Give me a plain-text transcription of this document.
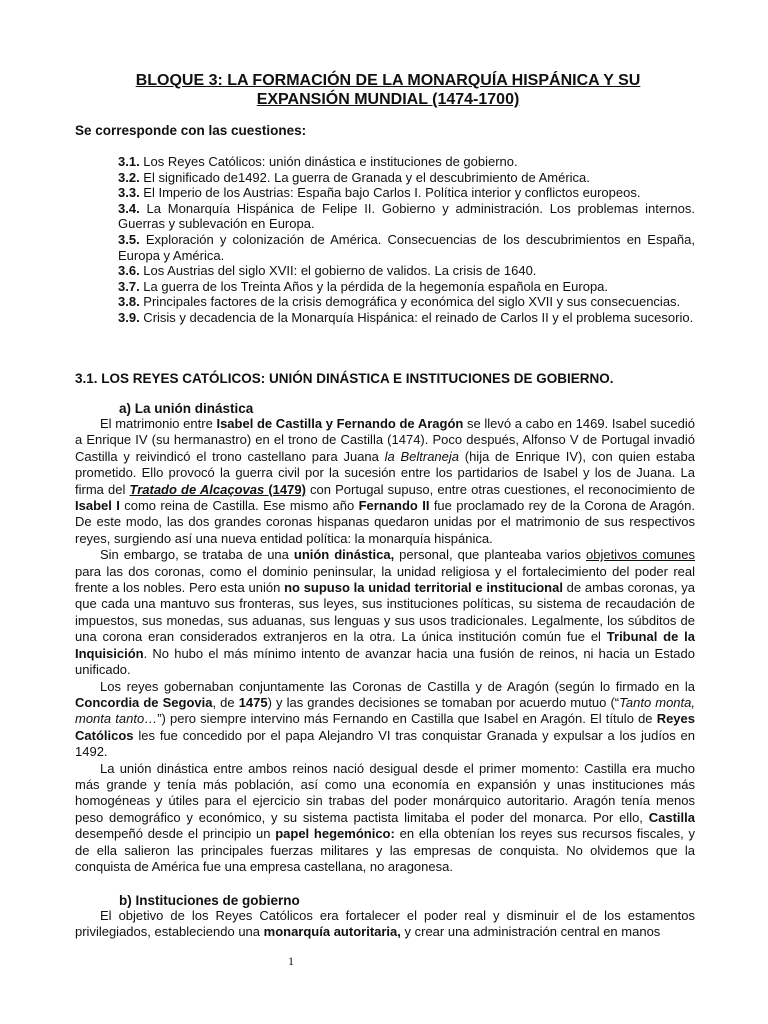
BLOQUE 3: LA FORMACIÓN DE LA MONARQUÍA HISPÁNICA Y SU
EXPANSIÓN MUNDIAL (1474-1700)
Se corresponde con las cuestiones:
3.1. Los Reyes Católicos: unión dinástica e instituciones de gobierno.
3.2. El significado de1492. La guerra de Granada y el descubrimiento de América.
3.3. El Imperio de los Austrias: España bajo Carlos I. Política interior y conflictos europeos.
3.4. La Monarquía Hispánica de Felipe II. Gobierno y administración. Los problemas internos. Guerras y sublevación en Europa.
3.5. Exploración y colonización de América. Consecuencias de los descubrimientos en España, Europa y América.
3.6. Los Austrias del siglo XVII: el gobierno de validos. La crisis de 1640.
3.7. La guerra de los Treinta Años y la pérdida de la hegemonía española en Europa.
3.8. Principales factores de la crisis demográfica y económica del siglo XVII y sus consecuencias.
3.9. Crisis y decadencia de la Monarquía Hispánica: el reinado de Carlos II y el problema sucesorio.
3.1. LOS REYES CATÓLICOS: UNIÓN DINÁSTICA E INSTITUCIONES DE GOBIERNO.
a) La unión dinástica

El matrimonio entre Isabel de Castilla y Fernando de Aragón se llevó a cabo en 1469. Isabel sucedió a Enrique IV (su hermanastro) en el trono de Castilla (1474). Poco después, Alfonso V de Portugal invadió Castilla y reivindicó el trono castellano para Juana la Beltraneja (hija de Enrique IV), con quien estaba prometido. Ello provocó la guerra civil por la sucesión entre los partidarios de Isabel y los de Juana. La firma del Tratado de Alcaçovas (1479) con Portugal supuso, entre otras cuestiones, el reconocimiento de Isabel I como reina de Castilla. Ese mismo año Fernando II fue proclamado rey de la Corona de Aragón. De este modo, las dos grandes coronas hispanas quedaron unidas por el matrimonio de sus respectivos reyes, surgiendo así una nueva entidad política: la monarquía hispánica.

Sin embargo, se trataba de una unión dinástica, personal, que planteaba varios objetivos comunes para las dos coronas, como el dominio peninsular, la unidad religiosa y el fortalecimiento del poder real frente a los nobles. Pero esta unión no supuso la unidad territorial e institucional de ambas coronas, ya que cada una mantuvo sus fronteras, sus leyes, sus instituciones políticas, su sistema de recaudación de impuestos, sus monedas, sus aduanas, sus lenguas y sus usos tradicionales. Legalmente, los súbditos de una corona eran considerados extranjeros en la otra. La única institución común fue el Tribunal de la Inquisición. No hubo el más mínimo intento de avanzar hacia una fusión de reinos, ni hacia un Estado unificado.

Los reyes gobernaban conjuntamente las Coronas de Castilla y de Aragón (según lo firmado en la Concordia de Segovia, de 1475) y las grandes decisiones se tomaban por acuerdo mutuo (“Tanto monta, monta tanto…”) pero siempre intervino más Fernando en Castilla que Isabel en Aragón. El título de Reyes Católicos les fue concedido por el papa Alejandro VI tras conquistar Granada y expulsar a los judíos en 1492.

La unión dinástica entre ambos reinos nació desigual desde el primer momento: Castilla era mucho más grande y tenía más población, así como una economía en expansión y unas instituciones más homogéneas y útiles para el ejercicio sin trabas del poder monárquico autoritario. Aragón tenía menos peso demográfico y económico, y su sistema pactista limitaba el poder del monarca. Por ello, Castilla desempeñó desde el principio un papel hegemónico: en ella obtenían los reyes sus recursos fiscales, y de ella salieron las principales fuerzas militares y las empresas de conquista. No olvidemos que la conquista de América fue una empresa castellana, no aragonesa.

b) Instituciones de gobierno

El objetivo de los Reyes Católicos era fortalecer el poder real y disminuir el de los estamentos privilegiados, estableciendo una monarquía autoritaria, y crear una administración central en manos

1
